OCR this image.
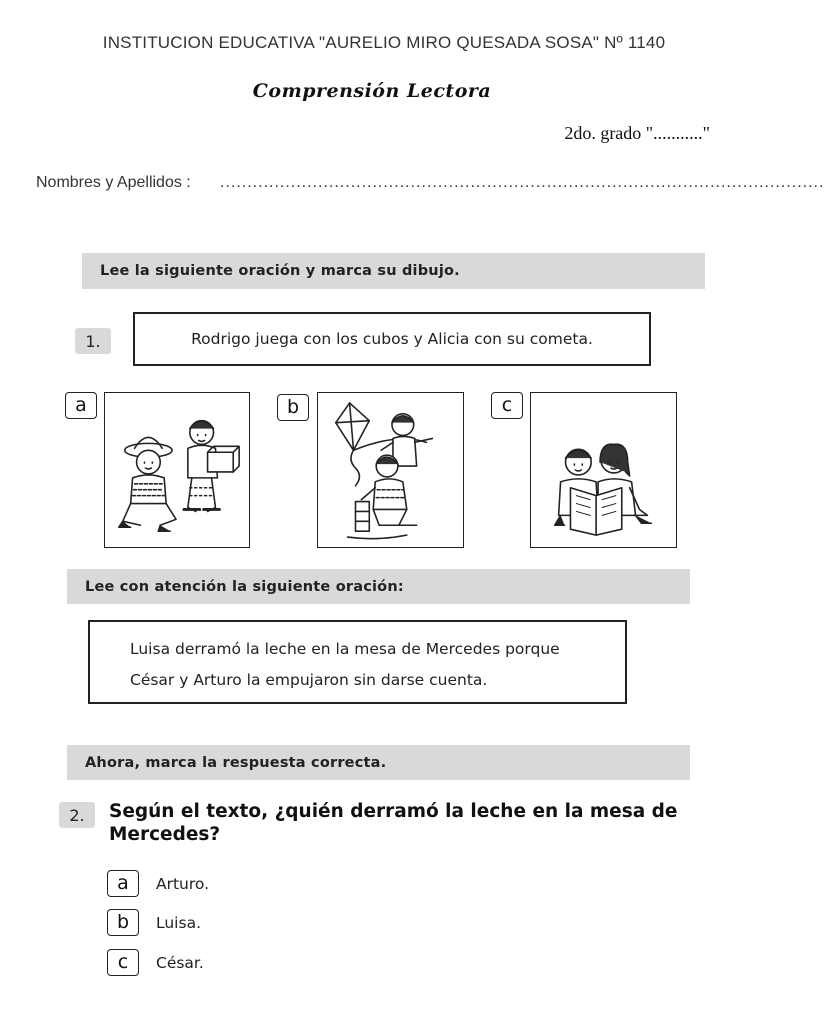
INSTITUCION EDUCATIVA "AURELIO MIRO QUESADA SOSA" Nº 1140
Comprensión Lectora
2do. grado "..........."
Nombres y Apellidos : ...............................................................................................................
Lee la siguiente oración y marca su dibujo.
1.	Rodrigo juega con los cubos y Alicia con su cometa.
a	b	c
Lee con atención la siguiente oración:
Luisa derramó la leche en la mesa de Mercedes porque
César y Arturo la empujaron sin darse cuenta.
Ahora, marca la respuesta correcta.
2.	Según el texto, ¿quién derramó la leche en la mesa de Mercedes?
a Arturo.
b Luisa.
c César.
